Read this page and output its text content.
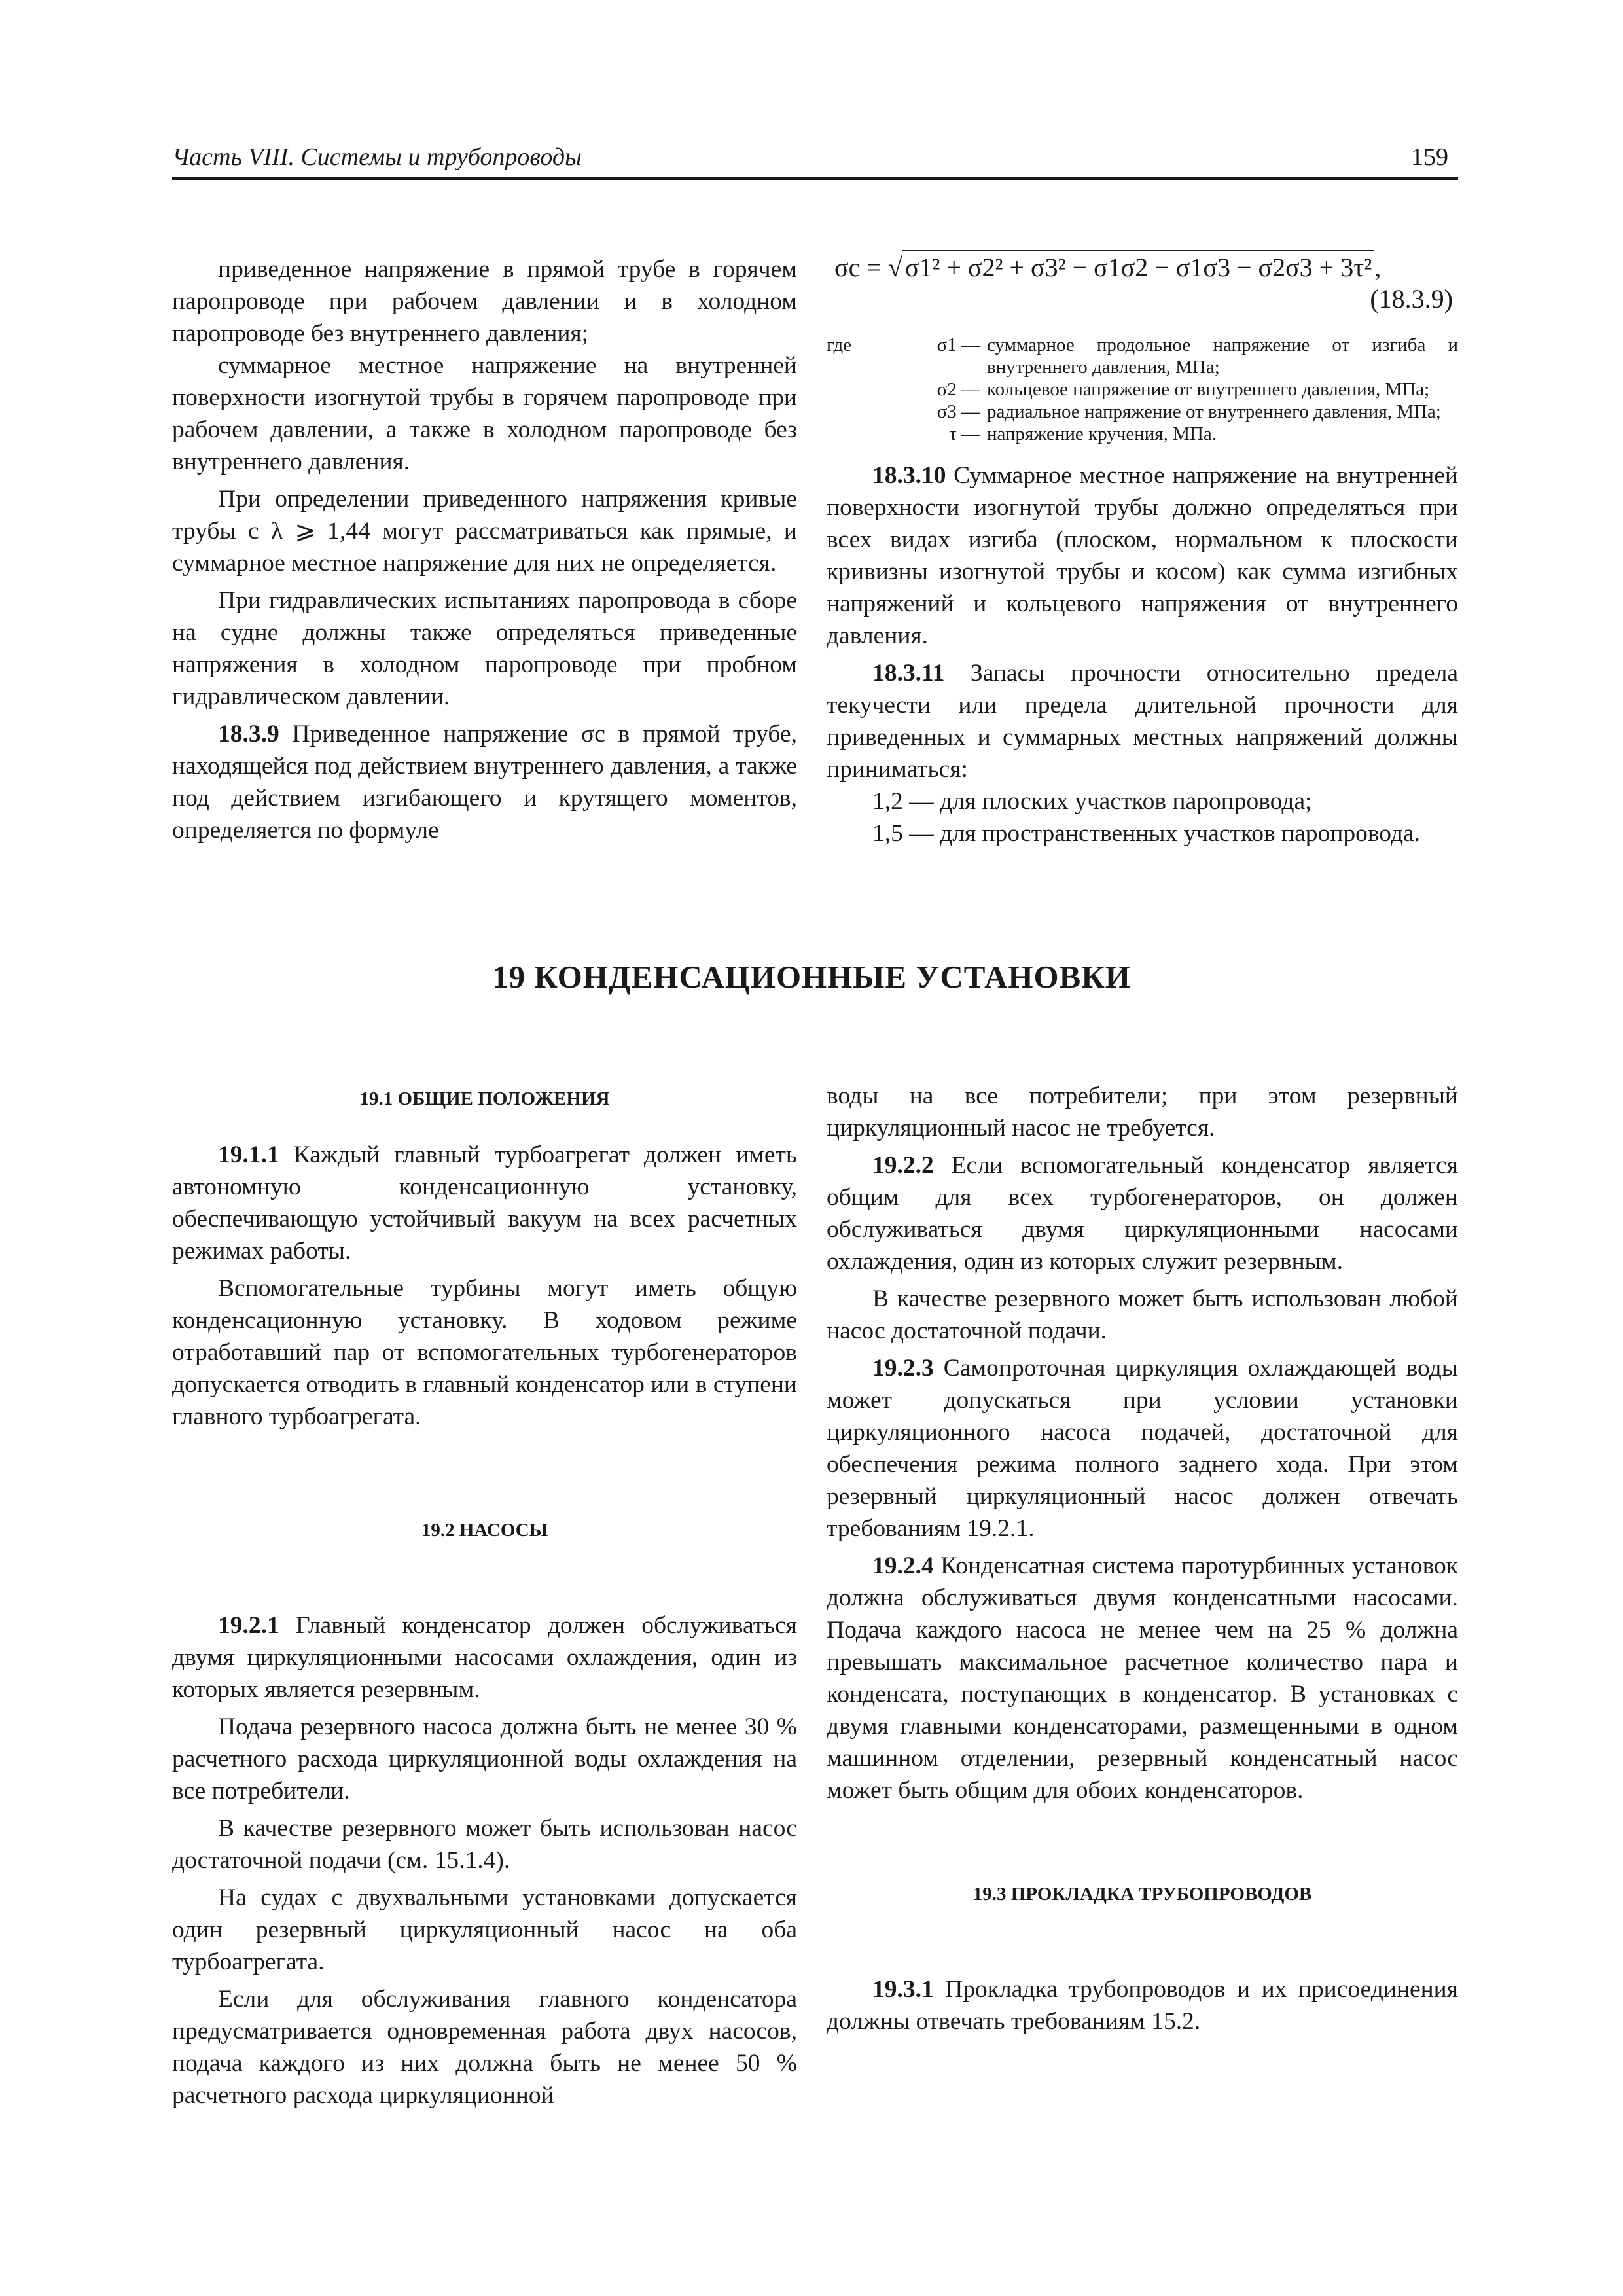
Часть VIII. Системы и трубопроводы	159

приведенное напряжение в прямой трубе в горячем паропроводе при рабочем давлении и в холодном паропроводе без внутреннего давления;

суммарное местное напряжение на внутренней поверхности изогнутой трубы в горячем паропроводе при рабочем давлении, а также в холодном паропроводе без внутреннего давления.

При определении приведенного напряжения кривые трубы с λ ⩾ 1,44 могут рассматриваться как прямые, и суммарное местное напряжение для них не определяется.

При гидравлических испытаниях паропровода в сборе на судне должны также определяться приведенные напряжения в холодном паропроводе при пробном гидравлическом давлении.

18.3.9 Приведенное напряжение σc в прямой трубе, находящейся под действием внутреннего давления, а также под действием изгибающего и крутящего моментов, определяется по формуле

σc = √ σ1² + σ2² + σ3² − σ1σ2 − σ1σ3 − σ2σ3 + 3τ² ,
(18.3.9)
где	σ1 — суммарное продольное напряжение от изгиба и внутреннего давления, МПа;
σ2 — кольцевое напряжение от внутреннего давления, МПа;
σ3 — радиальное напряжение от внутреннего давления, МПа;
τ — напряжение кручения, МПа.

18.3.10 Суммарное местное напряжение на внутренней поверхности изогнутой трубы должно определяться при всех видах изгиба (плоском, нормальном к плоскости кривизны изогнутой трубы и косом) как сумма изгибных напряжений и кольцевого напряжения от внутреннего давления.

18.3.11 Запасы прочности относительно предела текучести или предела длительной прочности для приведенных и суммарных местных напряжений должны приниматься:

1,2 — для плоских участков паропровода;

1,5 — для пространственных участков паропровода.

19 КОНДЕНСАЦИОННЫЕ УСТАНОВКИ

19.1 ОБЩИЕ ПОЛОЖЕНИЯ

19.1.1 Каждый главный турбоагрегат должен иметь автономную конденсационную установку, обеспечивающую устойчивый вакуум на всех расчетных режимах работы.

Вспомогательные турбины могут иметь общую конденсационную установку. В ходовом режиме отработавший пар от вспомогательных турбогенераторов допускается отводить в главный конденсатор или в ступени главного турбоагрегата.

19.2 НАСОСЫ

19.2.1 Главный конденсатор должен обслуживаться двумя циркуляционными насосами охлаждения, один из которых является резервным.

Подача резервного насоса должна быть не менее 30 % расчетного расхода циркуляционной воды охлаждения на все потребители.

В качестве резервного может быть использован насос достаточной подачи (см. 15.1.4).

На судах с двухвальными установками допускается один резервный циркуляционный насос на оба турбоагрегата.

Если для обслуживания главного конденсатора предусматривается одновременная работа двух насосов, подача каждого из них должна быть не менее 50 % расчетного расхода циркуляционной

воды на все потребители; при этом резервный циркуляционный насос не требуется.

19.2.2 Если вспомогательный конденсатор является общим для всех турбогенераторов, он должен обслуживаться двумя циркуляционными насосами охлаждения, один из которых служит резервным.

В качестве резервного может быть использован любой насос достаточной подачи.

19.2.3 Самопроточная циркуляция охлаждающей воды может допускаться при условии установки циркуляционного насоса подачей, достаточной для обеспечения режима полного заднего хода. При этом резервный циркуляционный насос должен отвечать требованиям 19.2.1.

19.2.4 Конденсатная система паротурбинных установок должна обслуживаться двумя конденсатными насосами. Подача каждого насоса не менее чем на 25 % должна превышать максимальное расчетное количество пара и конденсата, поступающих в конденсатор. В установках с двумя главными конденсаторами, размещенными в одном машинном отделении, резервный конденсатный насос может быть общим для обоих конденсаторов.

19.3 ПРОКЛАДКА ТРУБОПРОВОДОВ

19.3.1 Прокладка трубопроводов и их присоединения должны отвечать требованиям 15.2.
